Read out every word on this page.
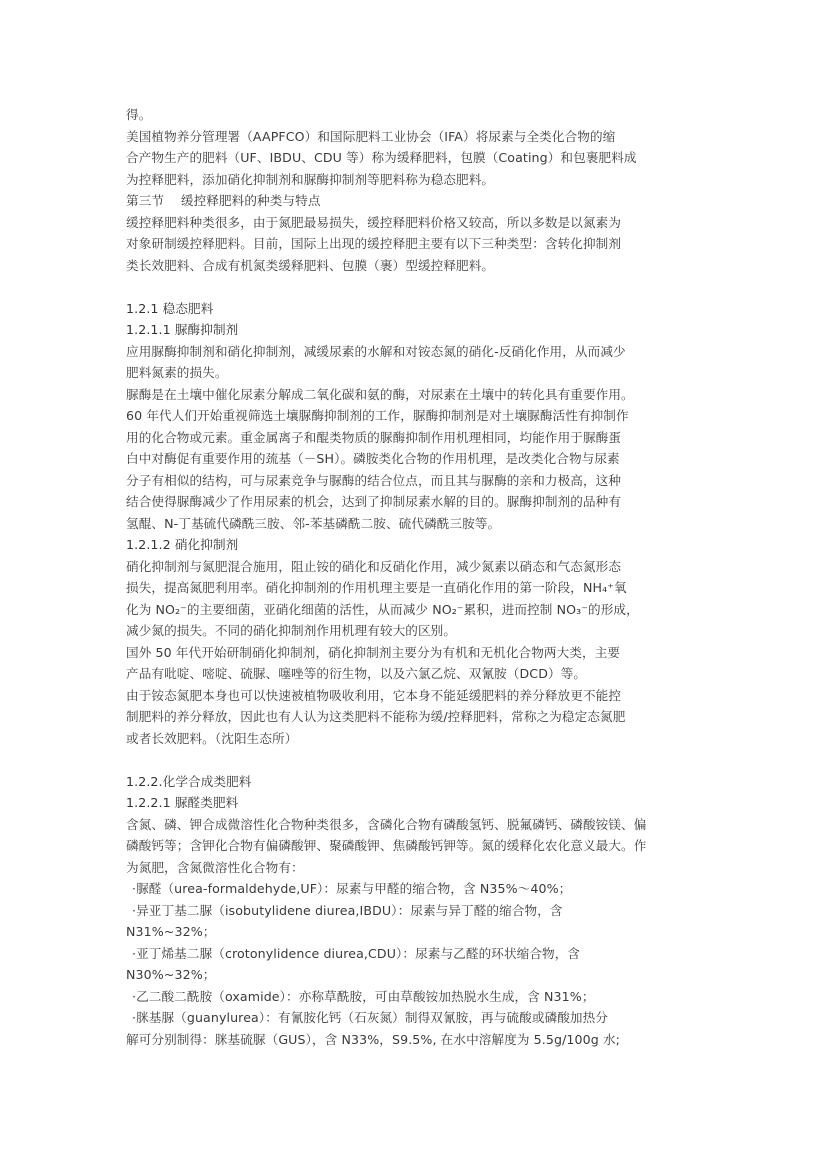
得。
美国植物养分管理署（AAPFCO）和国际肥料工业协会（IFA）将尿素与全类化合物的缩
合产物生产的肥料（UF、IBDU、CDU 等）称为缓释肥料，包膜（Coating）和包裹肥料成
为控释肥料，添加硝化抑制剂和脲酶抑制剂等肥料称为稳态肥料。
第三节　 缓控释肥料的种类与特点
缓控释肥料种类很多，由于氮肥最易损失，缓控释肥料价格又较高，所以多数是以氮素为
对象研制缓控释肥料。目前，国际上出现的缓控释肥主要有以下三种类型：含转化抑制剂
类长效肥料、合成有机氮类缓释肥料、包膜（裹）型缓控释肥料。
1.2.1 稳态肥料
1.2.1.1 脲酶抑制剂
应用脲酶抑制剂和硝化抑制剂，减缓尿素的水解和对铵态氮的硝化-反硝化作用，从而减少
肥料氮素的损失。
脲酶是在土壤中催化尿素分解成二氧化碳和氨的酶，对尿素在土壤中的转化具有重要作用。
60 年代人们开始重视筛选土壤脲酶抑制剂的工作，脲酶抑制剂是对土壤脲酶活性有抑制作
用的化合物或元素。重金属离子和醌类物质的脲酶抑制作用机理相同，均能作用于脲酶蛋
白中对酶促有重要作用的巯基（－SH）。磷胺类化合物的作用机理，是改类化合物与尿素
分子有相似的结构，可与尿素竞争与脲酶的结合位点，而且其与脲酶的亲和力极高，这种
结合使得脲酶减少了作用尿素的机会，达到了抑制尿素水解的目的。脲酶抑制剂的品种有
氢醌、N-丁基硫代磷酰三胺、邻-苯基磷酰二胺、硫代磷酰三胺等。
1.2.1.2 硝化抑制剂
硝化抑制剂与氮肥混合施用，阻止铵的硝化和反硝化作用，减少氮素以硝态和气态氮形态
损失，提高氮肥利用率。硝化抑制剂的作用机理主要是一直硝化作用的第一阶段，NH₄⁺氧
化为 NO₂⁻的主要细菌，亚硝化细菌的活性，从而减少 NO₂⁻累积，进而控制 NO₃⁻的形成，
减少氮的损失。不同的硝化抑制剂作用机理有较大的区别。
国外 50 年代开始研制硝化抑制剂，硝化抑制剂主要分为有机和无机化合物两大类，主要
产品有吡啶、嘧啶、硫脲、噻唑等的衍生物，以及六氯乙烷、双氰胺（DCD）等。
由于铵态氮肥本身也可以快速被植物吸收利用，它本身不能延缓肥料的养分释放更不能控
制肥料的养分释放，因此也有人认为这类肥料不能称为缓/控释肥料，常称之为稳定态氮肥
或者长效肥料。（沈阳生态所）
1.2.2.化学合成类肥料
1.2.2.1 脲醛类肥料
含氮、磷、钾合成微溶性化合物种类很多，含磷化合物有磷酸氢钙、脱氟磷钙、磷酸铵镁、偏
磷酸钙等；含钾化合物有偏磷酸钾、聚磷酸钾、焦磷酸钙钾等。氮的缓释化农化意义最大。作
为氮肥，含氮微溶性化合物有：
·脲醛（urea-formaldehyde,UF）：尿素与甲醛的缩合物，含 N35%～40%；
·异亚丁基二脲（isobutylidene diurea,IBDU）：尿素与异丁醛的缩合物，含
N31%~32%；
·亚丁烯基二脲（crotonylidence diurea,CDU）：尿素与乙醛的环状缩合物，含
N30%~32%；
·乙二酸二酰胺（oxamide）：亦称草酰胺，可由草酸铵加热脱水生成，含 N31%；
·脒基脲（guanylurea）：有氰胺化钙（石灰氮）制得双氰胺，再与硫酸或磷酸加热分
解可分别制得：脒基硫脲（GUS），含 N33%，S9.5%, 在水中溶解度为 5.5g/100g 水;
